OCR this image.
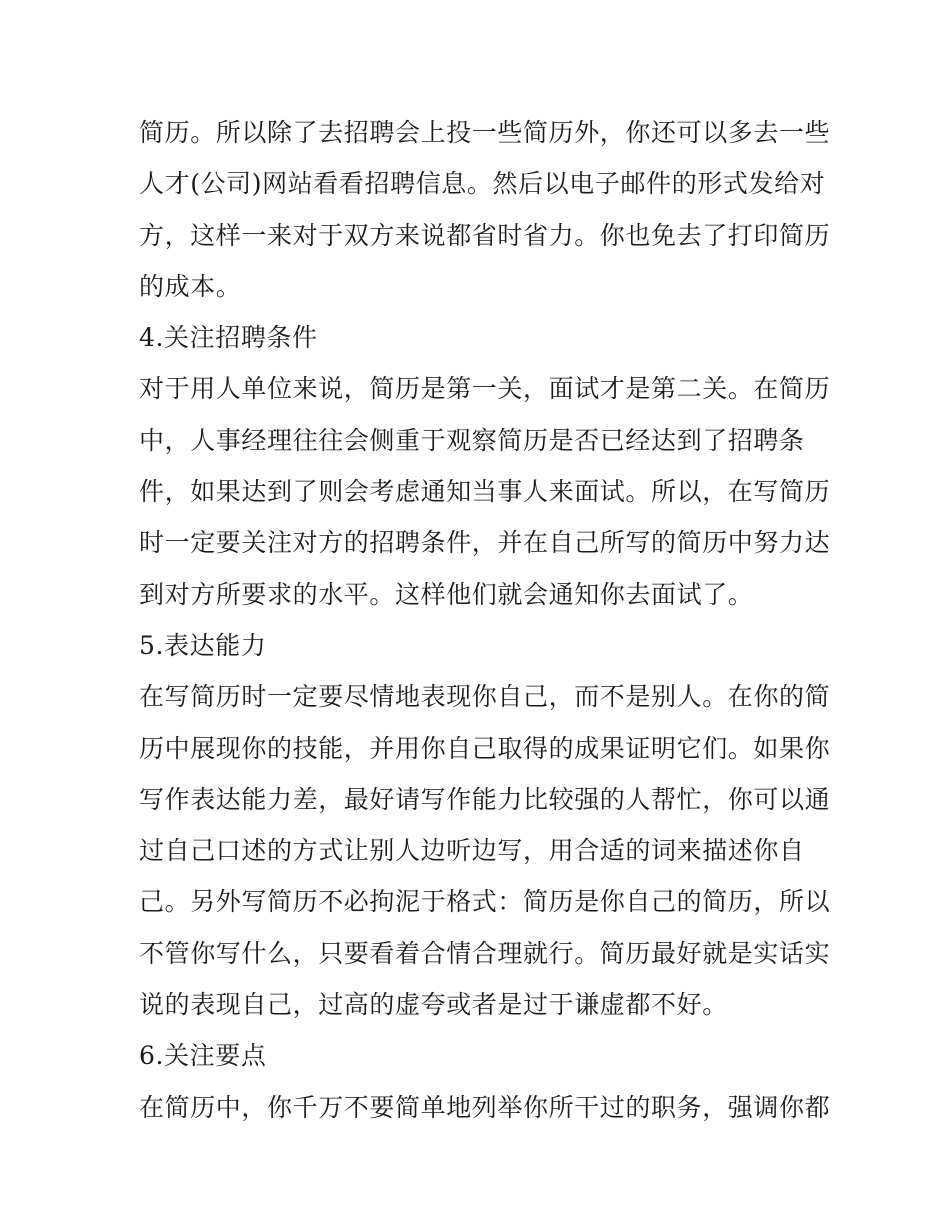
简历。所以除了去招聘会上投一些简历外，你还可以多去一些
人才(公司)网站看看招聘信息。然后以电子邮件的形式发给对
方，这样一来对于双方来说都省时省力。你也免去了打印简历
的成本。
4.关注招聘条件
对于用人单位来说，简历是第一关，面试才是第二关。在简历
中，人事经理往往会侧重于观察简历是否已经达到了招聘条
件，如果达到了则会考虑通知当事人来面试。所以，在写简历
时一定要关注对方的招聘条件，并在自己所写的简历中努力达
到对方所要求的水平。这样他们就会通知你去面试了。
5.表达能力
在写简历时一定要尽情地表现你自己，而不是别人。在你的简
历中展现你的技能，并用你自己取得的成果证明它们。如果你
写作表达能力差，最好请写作能力比较强的人帮忙，你可以通
过自己口述的方式让别人边听边写，用合适的词来描述你自
己。另外写简历不必拘泥于格式：简历是你自己的简历，所以
不管你写什么，只要看着合情合理就行。简历最好就是实话实
说的表现自己，过高的虚夸或者是过于谦虚都不好。
6.关注要点
在简历中，你千万不要简单地列举你所干过的职务，强调你都
